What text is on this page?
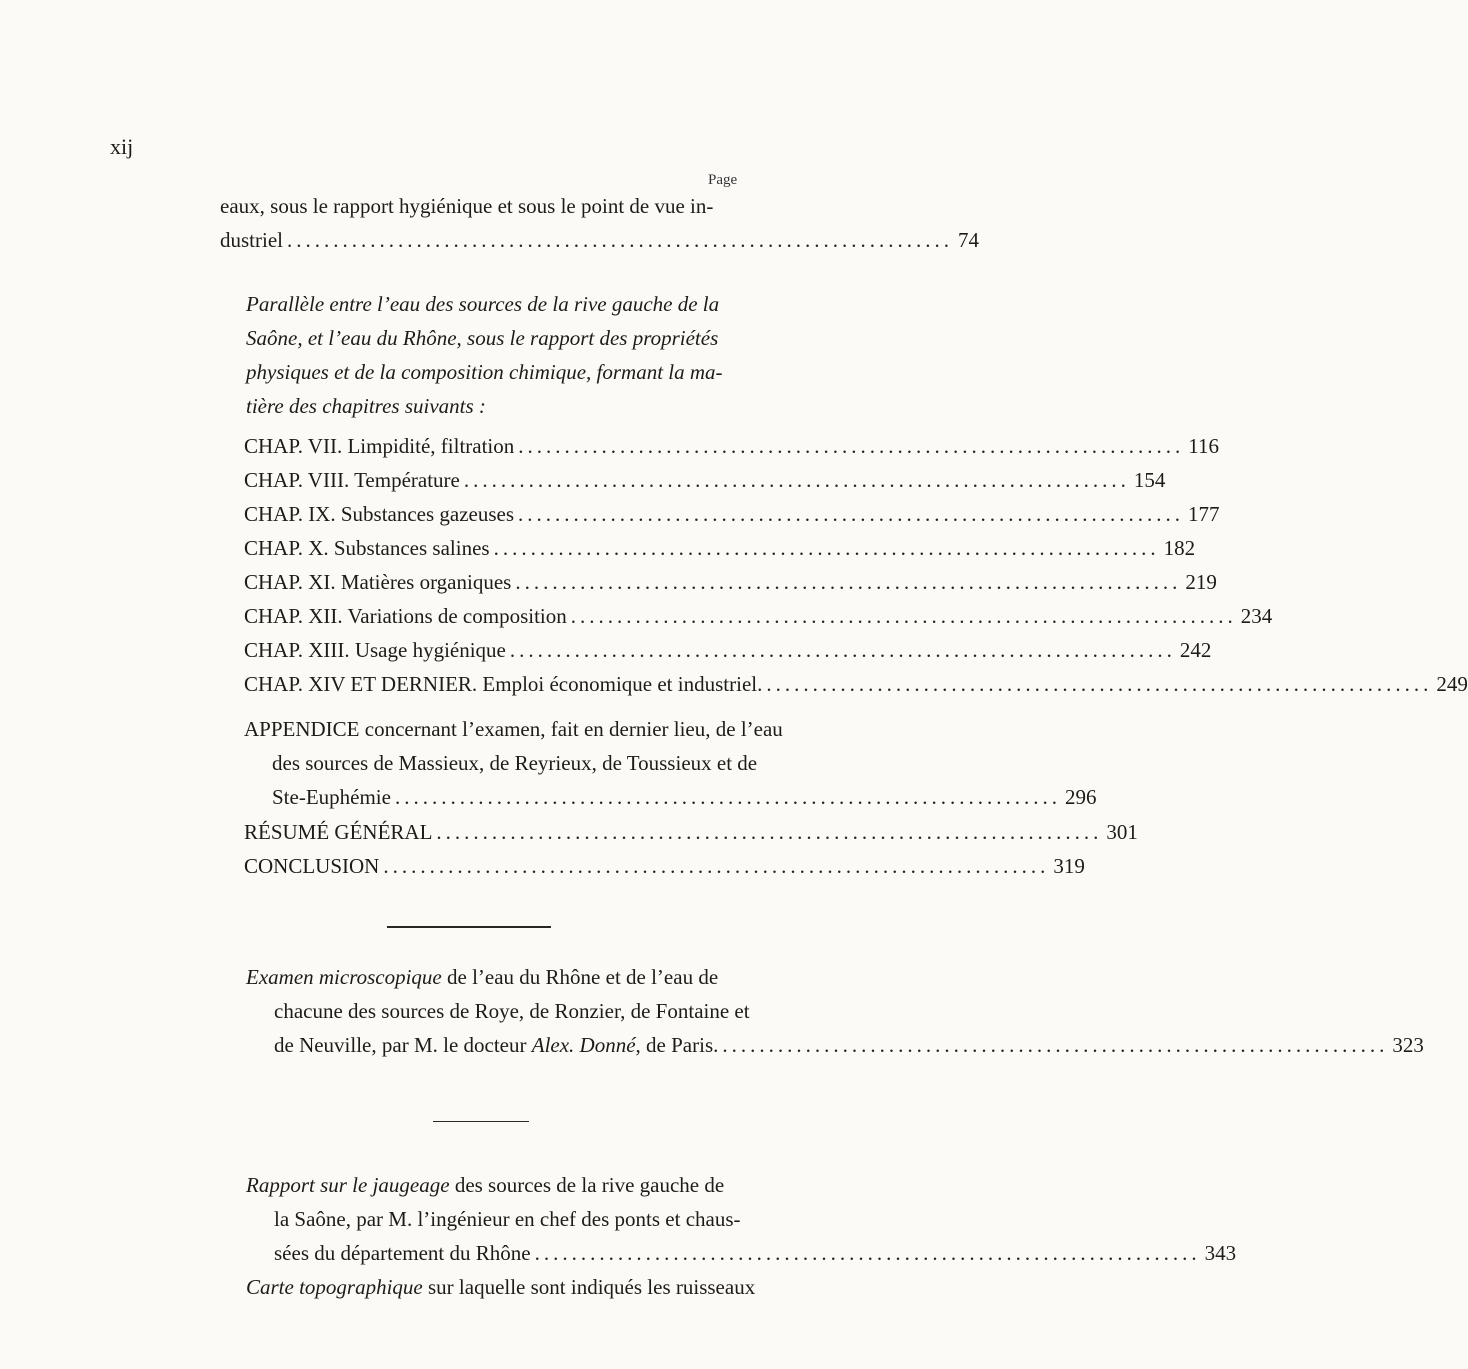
xij
Page
eaux, sous le rapport hygiénique et sous le point de vue in-
dustriel ........................................................................ 74
Parallèle entre l’eau des sources de la rive gauche de la
Saône, et l’eau du Rhône, sous le rapport des propriétés
physiques et de la composition chimique, formant la ma-
tière des chapitres suivants :
CHAP. VII. Limpidité, filtration ........................................................................ 116
CHAP. VIII. Température ........................................................................ 154
CHAP. IX. Substances gazeuses ........................................................................ 177
CHAP. X. Substances salines ........................................................................ 182
CHAP. XI. Matières organiques ........................................................................ 219
CHAP. XII. Variations de composition ........................................................................ 234
CHAP. XIII. Usage hygiénique ........................................................................ 242
CHAP. XIV ET DERNIER. Emploi économique et industriel. ........................................................................ 249
APPENDICE concernant l’examen, fait en dernier lieu, de l’eau
des sources de Massieux, de Reyrieux, de Toussieux et de
Ste-Euphémie ........................................................................ 296
RÉSUMÉ GÉNÉRAL ........................................................................ 301
CONCLUSION ........................................................................ 319
Examen microscopique de l’eau du Rhône et de l’eau de
chacune des sources de Roye, de Ronzier, de Fontaine et
de Neuville, par M. le docteur Alex. Donné, de Paris. ........................................................................ 323
Rapport sur le jaugeage des sources de la rive gauche de
la Saône, par M. l’ingénieur en chef des ponts et chaus-
sées du département du Rhône ........................................................................ 343
Carte topographique sur laquelle sont indiqués les ruisseaux
